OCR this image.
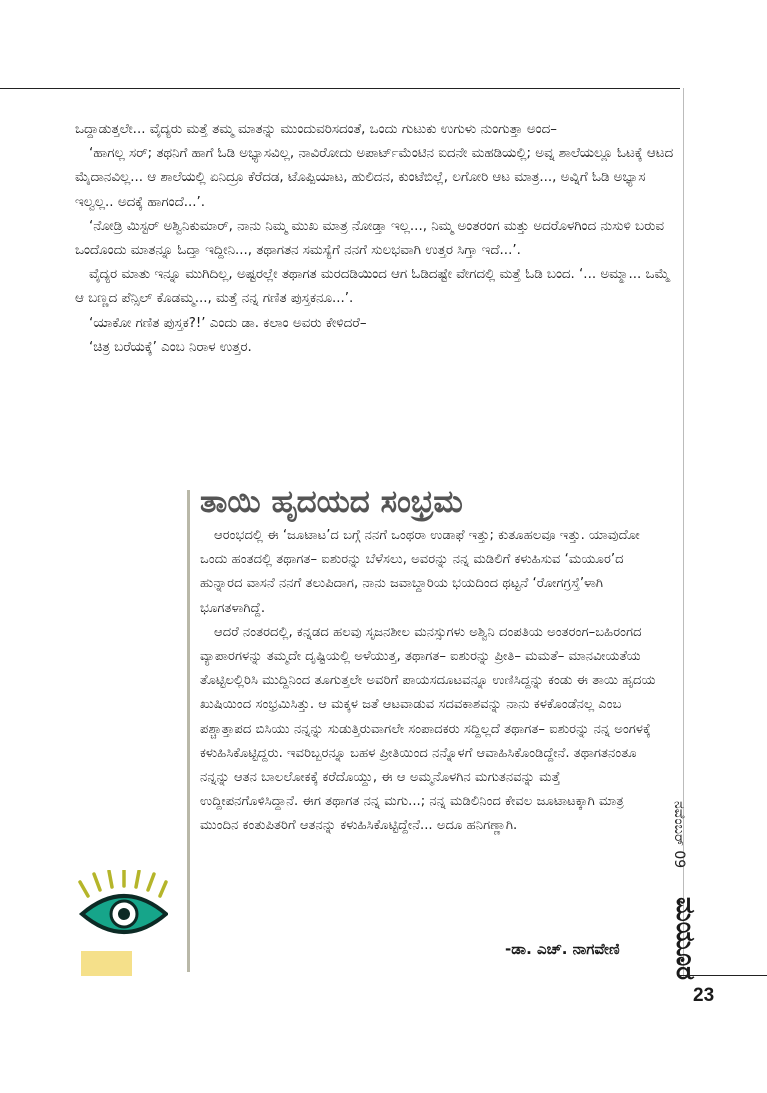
ಒದ್ದಾಡುತ್ತಲೇ... ವೈದ್ಯರು ಮತ್ತೆ ತಮ್ಮ ಮಾತನ್ನು ಮುಂದುವರಿಸದಂತೆ, ಒಂದು ಗುಟುಕು ಉಗುಳು ನುಂಗುತ್ತಾ ಅಂದ–

‘ಹಾಗಲ್ಲ ಸರ್; ತಥನಿಗೆ ಹಾಗೆ ಓಡಿ ಅಭ್ಯಾಸವಿಲ್ಲ, ನಾವಿರೋದು ಅಪಾರ್ಟ್‌ಮೆಂಟಿನ ಐದನೇ ಮಹಡಿಯಲ್ಲಿ; ಅವ್ನ ಶಾಲೆಯಲ್ಲೂ ಓಟಕ್ಕೆ ಆಟದ ಮೈದಾನವಿಲ್ಲ... ಆ ಶಾಲೆಯಲ್ಲಿ ಏನಿದ್ರೂ ಕೆರೆದಡ, ಟೊಪ್ಪಿಯಾಟ, ಹುಲಿದನ, ಕುಂಟೆಬಿಲ್ಲೆ, ಲಗೋರಿ ಆಟ ಮಾತ್ರ..., ಅವ್ನಿಗೆ ಓಡಿ ಅಭ್ಯಾಸ ಇಲ್ವಲ್ಲ.. ಅದಕ್ಕೆ ಹಾಗಂದೆ...’.

‘ನೋಡ್ರಿ ಮಿಸ್ಟರ್ ಅಶ್ವಿನಿಕುಮಾರ್, ನಾನು ನಿಮ್ಮ ಮುಖ ಮಾತ್ರ ನೋಡ್ತಾ ಇಲ್ಲ..., ನಿಮ್ಮ ಅಂತರಂಗ ಮತ್ತು ಅದರೊಳಗಿಂದ ನುಸುಳಿ ಬರುವ ಒಂದೊಂದು ಮಾತನ್ನೂ ಓದ್ತಾ ಇದ್ದೀನಿ..., ತಥಾಗತನ ಸಮಸ್ಯೆಗೆ ನನಗೆ ಸುಲಭವಾಗಿ ಉತ್ತರ ಸಿಗ್ತಾ ಇದೆ...’.

ವೈದ್ಯರ ಮಾತು ಇನ್ನೂ ಮುಗಿದಿಲ್ಲ, ಅಷ್ಟರಲ್ಲೇ ತಥಾಗತ ಮರದಡಿಯಿಂದ ಆಗ ಓಡಿದಷ್ಟೇ ವೇಗದಲ್ಲಿ ಮತ್ತೆ ಓಡಿ ಬಂದ. ‘... ಅಮ್ಮಾ... ಒಮ್ಮೆ ಆ ಬಣ್ಣದ ಪೆನ್ಸಿಲ್ ಕೊಡಮ್ಮ..., ಮತ್ತೆ ನನ್ನ ಗಣಿತ ಪುಸ್ತಕನೂ...’.

‘ಯಾಕೋ ಗಣಿತ ಪುಸ್ತಕ?!’ ಎಂದು ಡಾ. ಕಲಾಂ ಅವರು ಕೇಳಿದರೆ–

‘ಚಿತ್ರ ಬರೆಯಕ್ಕೆ’ ಎಂಬ ನಿರಾಳ ಉತ್ತರ.

ತಾಯಿ ಹೃದಯದ ಸಂಭ್ರಮ

ಆರಂಭದಲ್ಲಿ ಈ ‘ಜೂಟಾಟ’ದ ಬಗ್ಗೆ ನನಗೆ ಒಂಥರಾ ಉಡಾಫೆ ಇತ್ತು; ಕುತೂಹಲವೂ ಇತ್ತು. ಯಾವುದೋ ಒಂದು ಹಂತದಲ್ಲಿ ತಥಾಗತ– ಐಶುರನ್ನು ಬೆಳೆಸಲು, ಅವರನ್ನು ನನ್ನ ಮಡಿಲಿಗೆ ಕಳುಹಿಸುವ ‘ಮಯೂರ’ದ ಹುನ್ನಾರದ ವಾಸನೆ ನನಗೆ ತಲುಪಿದಾಗ, ನಾನು ಜವಾಬ್ದಾರಿಯ ಭಯದಿಂದ ಥಟ್ಟನೆ ‘ರೋಗಗ್ರಸ್ತೆ’ಳಾಗಿ ಭೂಗತಳಾಗಿದ್ದೆ.

ಆದರೆ ನಂತರದಲ್ಲಿ, ಕನ್ನಡದ ಹಲವು ಸೃಜನಶೀಲ ಮನಸ್ಸುಗಳು ಅಶ್ವಿನಿ ದಂಪತಿಯ ಅಂತರಂಗ–ಬಹಿರಂಗದ ವ್ಯಾಪಾರಗಳನ್ನು ತಮ್ಮದೇ ದೃಷ್ಟಿಯಲ್ಲಿ ಅಳೆಯುತ್ತ, ತಥಾಗತ– ಐಶುರನ್ನು ಪ್ರೀತಿ– ಮಮತೆ– ಮಾನವೀಯತೆಯ ತೊಟ್ಟಿಲಲ್ಲಿರಿಸಿ ಮುದ್ದಿನಿಂದ ತೂಗುತ್ತಲೇ ಅವರಿಗೆ ಪಾಯಸದೂಟವನ್ನೂ ಉಣಿಸಿದ್ದನ್ನು ಕಂಡು ಈ ತಾಯಿ ಹೃದಯ ಖುಷಿಯಿಂದ ಸಂಭ್ರಮಿಸಿತ್ತು. ಆ ಮಕ್ಕಳ ಜತೆ ಆಟವಾಡುವ ಸದವಕಾಶವನ್ನು ನಾನು ಕಳಕೊಂಡೆನಲ್ಲ ಎಂಬ ಪಶ್ಚಾತ್ತಾಪದ ಬಿಸಿಯು ನನ್ನನ್ನು ಸುಡುತ್ತಿರುವಾಗಲೇ ಸಂಪಾದಕರು ಸದ್ದಿಲ್ಲದೆ ತಥಾಗತ– ಐಶುರನ್ನು ನನ್ನ ಅಂಗಳಕ್ಕೆ ಕಳುಹಿಸಿಕೊಟ್ಟಿದ್ದರು. ಇವರಿಬ್ಬರನ್ನೂ ಬಹಳ ಪ್ರೀತಿಯಿಂದ ನನ್ನೊಳಗೆ ಆವಾಹಿಸಿಕೊಂಡಿದ್ದೇನೆ. ತಥಾಗತನಂತೂ ನನ್ನನ್ನು ಆತನ ಬಾಲಲೋಕಕ್ಕೆ ಕರೆದೊಯ್ದು, ಈ ಆ ಅಮ್ಮನೊಳಗಿನ ಮಗುತನವನ್ನು ಮತ್ತೆ ಉದ್ದೀಪನಗೊಳಿಸಿದ್ದಾನೆ. ಈಗ ತಥಾಗತ ನನ್ನ ಮಗು...; ನನ್ನ ಮಡಿಲಿನಿಂದ ಕೇವಲ ಜೂಟಾಟಕ್ಕಾಗಿ ಮಾತ್ರ ಮುಂದಿನ ಕಂತುಪಿತರಿಗೆ ಆತನನ್ನು ಕಳುಹಿಸಿಕೊಟ್ಟಿದ್ದೇನೆ... ಅದೂ ಹನಿಗಣ್ಣಾಗಿ.

-ಡಾ. ಎಚ್. ನಾಗವೇಣಿ
ನವೆಂಬರ್ 09
ಮಯೂರ
23
